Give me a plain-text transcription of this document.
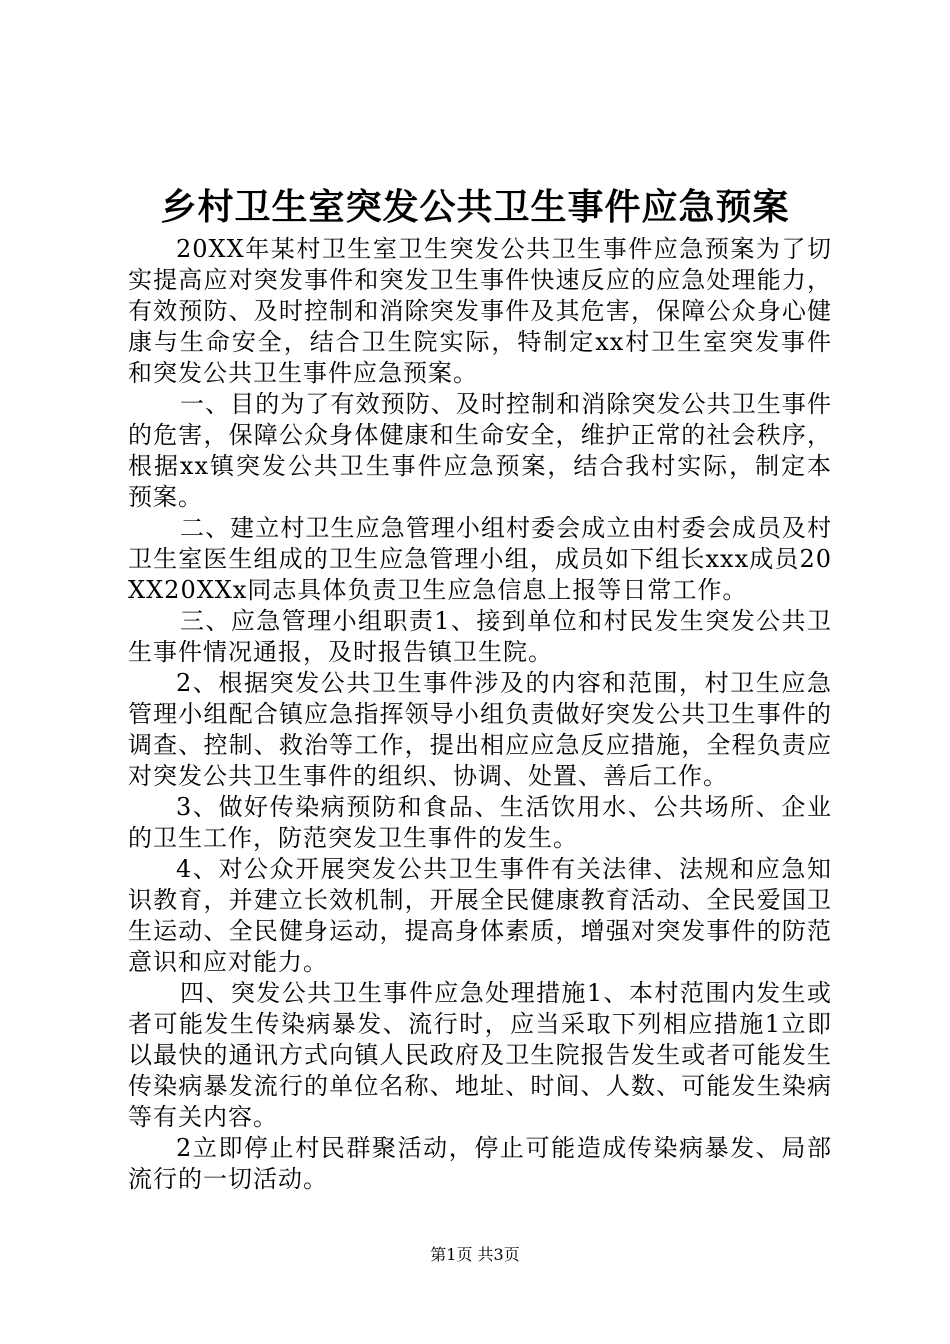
乡村卫生室突发公共卫生事件应急预案

20XX年某村卫生室卫生突发公共卫生事件应急预案为了切实提高应对突发事件和突发卫生事件快速反应的应急处理能力，有效预防、及时控制和消除突发事件及其危害，保障公众身心健康与生命安全，结合卫生院实际，特制定xx村卫生室突发事件和突发公共卫生事件应急预案。

一、目的为了有效预防、及时控制和消除突发公共卫生事件的危害，保障公众身体健康和生命安全，维护正常的社会秩序，根据xx镇突发公共卫生事件应急预案，结合我村实际，制定本预案。

二、建立村卫生应急管理小组村委会成立由村委会成员及村卫生室医生组成的卫生应急管理小组，成员如下组长xxx成员20XX20XXx同志具体负责卫生应急信息上报等日常工作。

三、应急管理小组职责1、接到单位和村民发生突发公共卫生事件情况通报，及时报告镇卫生院。

2、根据突发公共卫生事件涉及的内容和范围，村卫生应急管理小组配合镇应急指挥领导小组负责做好突发公共卫生事件的调查、控制、救治等工作，提出相应应急反应措施，全程负责应对突发公共卫生事件的组织、协调、处置、善后工作。

3、做好传染病预防和食品、生活饮用水、公共场所、企业的卫生工作，防范突发卫生事件的发生。

4、对公众开展突发公共卫生事件有关法律、法规和应急知识教育，并建立长效机制，开展全民健康教育活动、全民爱国卫生运动、全民健身运动，提高身体素质，增强对突发事件的防范意识和应对能力。

四、突发公共卫生事件应急处理措施1、本村范围内发生或者可能发生传染病暴发、流行时，应当采取下列相应措施1立即以最快的通讯方式向镇人民政府及卫生院报告发生或者可能发生传染病暴发流行的单位名称、地址、时间、人数、可能发生染病等有关内容。

2立即停止村民群聚活动，停止可能造成传染病暴发、局部流行的一切活动。

第1页 共3页
